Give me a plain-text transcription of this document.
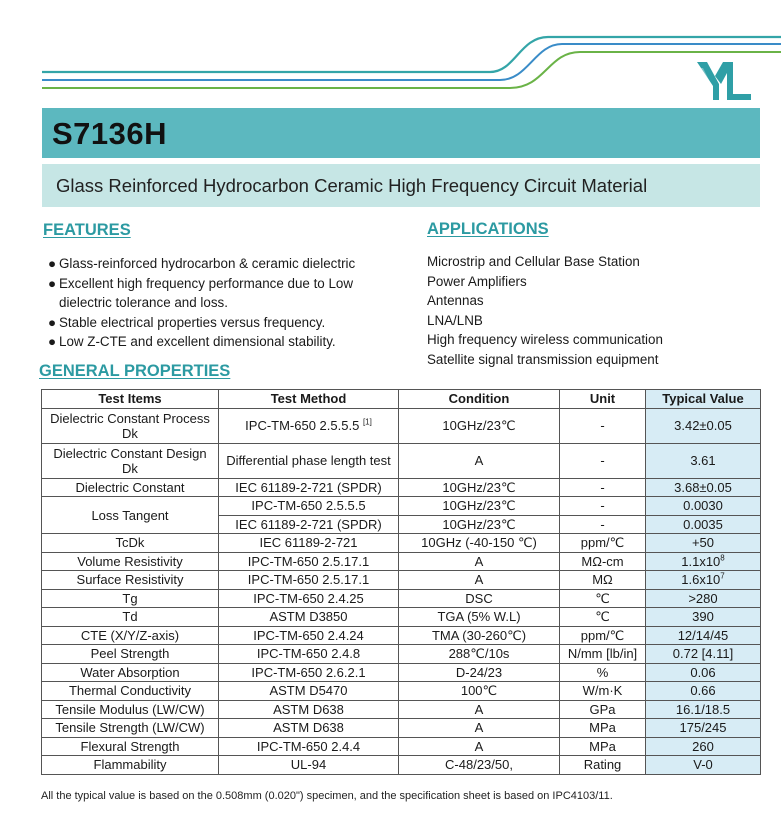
S7136H
Glass Reinforced Hydrocarbon Ceramic High Frequency Circuit Material
FEATURES	APPLICATIONS
● Glass-reinforced hydrocarbon & ceramic dielectric
● Excellent high frequency performance due to Low dielectric tolerance and loss.
● Stable electrical properties versus frequency.
● Low Z-CTE and excellent dimensional stability.
Microstrip and Cellular Base Station
Power Amplifiers
Antennas
LNA/LNB
High frequency wireless communication
Satellite signal transmission equipment
GENERAL PROPERTIES
Test Items	Test Method	Condition	Unit	Typical Value
Dielectric Constant Process Dk	IPC-TM-650 2.5.5.5 [1]	10GHz/23℃	-	3.42±0.05
Dielectric Constant Design Dk	Differential phase length test	A	-	3.61
Dielectric Constant	IEC 61189-2-721 (SPDR)	10GHz/23℃	-	3.68±0.05
Loss Tangent	IPC-TM-650 2.5.5.5	10GHz/23℃	-	0.0030
	IEC 61189-2-721 (SPDR)	10GHz/23℃	-	0.0035
TcDk	IEC 61189-2-721	10GHz (-40-150 ℃)	ppm/℃	+50
Volume Resistivity	IPC-TM-650 2.5.17.1	A	MΩ-cm	$1.1x10^8$
Surface Resistivity	IPC-TM-650 2.5.17.1	A	MΩ	$1.6x10^7$
Tg	IPC-TM-650 2.4.25	DSC	℃	>280
Td	ASTM D3850	TGA (5% W.L)	℃	390
CTE (X/Y/Z-axis)	IPC-TM-650 2.4.24	TMA (30-260℃)	ppm/℃	12/14/45
Peel Strength	IPC-TM-650 2.4.8	288℃/10s	N/mm [lb/in]	0.72 [4.11]
Water Absorption	IPC-TM-650 2.6.2.1	D-24/23	%	0.06
Thermal Conductivity	ASTM D5470	100℃	W/m·K	0.66
Tensile Modulus (LW/CW)	ASTM D638	A	GPa	16.1/18.5
Tensile Strength (LW/CW)	ASTM D638	A	MPa	175/245
Flexural Strength	IPC-TM-650 2.4.4	A	MPa	260
Flammability	UL-94	C-48/23/50,	Rating	V-0
All the typical value is based on the 0.508mm (0.020") specimen, and the specification sheet is based on IPC4103/11.
